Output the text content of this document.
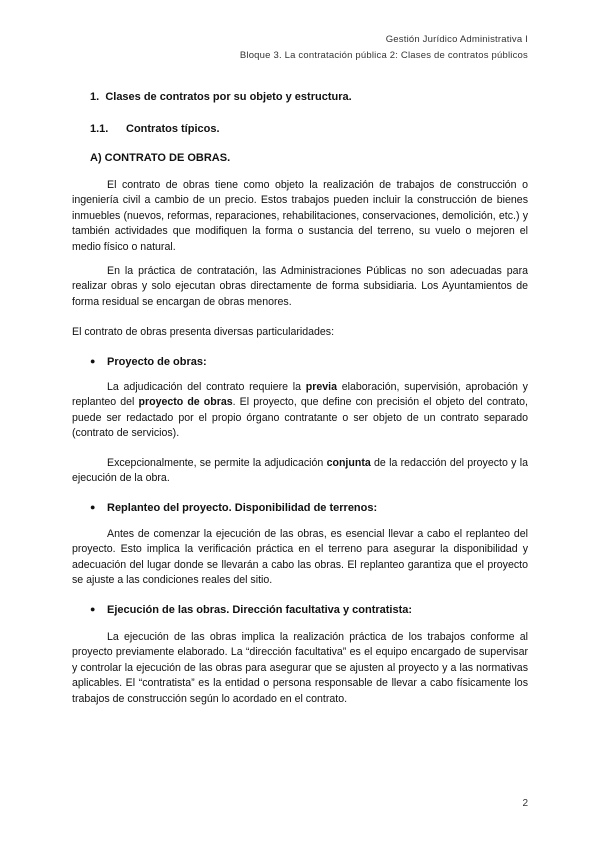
Gestión Jurídico Administrativa I
Bloque 3. La contratación pública 2: Clases de contratos públicos

1. Clases de contratos por su objeto y estructura.

1.1. Contratos típicos.

A) CONTRATO DE OBRAS.

El contrato de obras tiene como objeto la realización de trabajos de construcción o ingeniería civil a cambio de un precio. Estos trabajos pueden incluir la construcción de bienes inmuebles (nuevos, reformas, reparaciones, rehabilitaciones, conservaciones, demolición, etc.) y también actividades que modifiquen la forma o sustancia del terreno, su vuelo o mejoren el medio físico o natural.

En la práctica de contratación, las Administraciones Públicas no son adecuadas para realizar obras y solo ejecutan obras directamente de forma subsidiaria. Los Ayuntamientos de forma residual se encargan de obras menores.

El contrato de obras presenta diversas particularidades:

● Proyecto de obras:

La adjudicación del contrato requiere la previa elaboración, supervisión, aprobación y replanteo del proyecto de obras. El proyecto, que define con precisión el objeto del contrato, puede ser redactado por el propio órgano contratante o ser objeto de un contrato separado (contrato de servicios).

Excepcionalmente, se permite la adjudicación conjunta de la redacción del proyecto y la ejecución de la obra.

● Replanteo del proyecto. Disponibilidad de terrenos:

Antes de comenzar la ejecución de las obras, es esencial llevar a cabo el replanteo del proyecto. Esto implica la verificación práctica en el terreno para asegurar la disponibilidad y adecuación del lugar donde se llevarán a cabo las obras. El replanteo garantiza que el proyecto se ajuste a las condiciones reales del sitio.

● Ejecución de las obras. Dirección facultativa y contratista:

La ejecución de las obras implica la realización práctica de los trabajos conforme al proyecto previamente elaborado. La “dirección facultativa” es el equipo encargado de supervisar y controlar la ejecución de las obras para asegurar que se ajusten al proyecto y a las normativas aplicables. El “contratista” es la entidad o persona responsable de llevar a cabo físicamente los trabajos de construcción según lo acordado en el contrato.

2
